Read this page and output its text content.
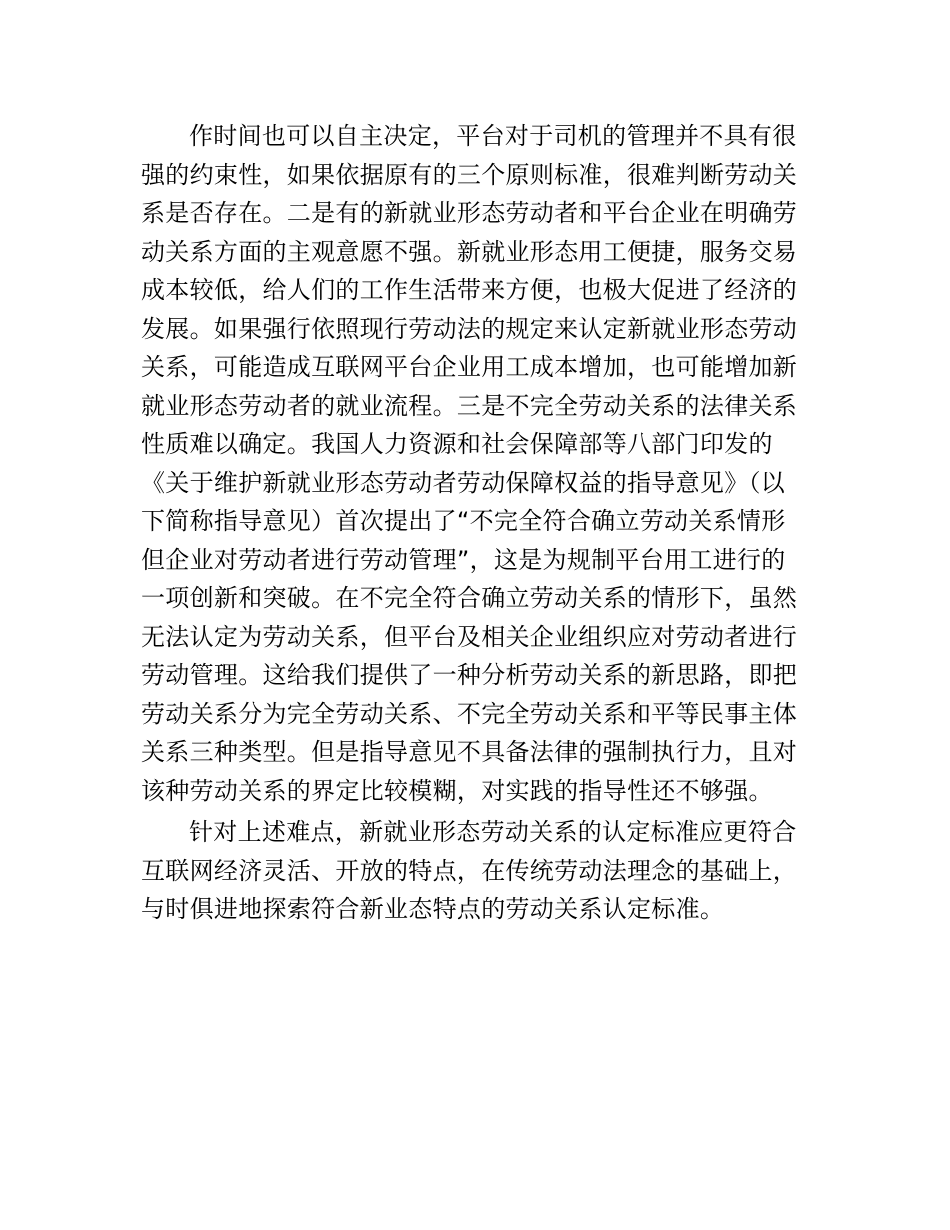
作时间也可以自主决定，平台对于司机的管理并不具有很
强的约束性，如果依据原有的三个原则标准，很难判断劳动关
系是否存在。二是有的新就业形态劳动者和平台企业在明确劳
动关系方面的主观意愿不强。新就业形态用工便捷，服务交易
成本较低，给人们的工作生活带来方便，也极大促进了经济的
发展。如果强行依照现行劳动法的规定来认定新就业形态劳动
关系，可能造成互联网平台企业用工成本增加，也可能增加新
就业形态劳动者的就业流程。三是不完全劳动关系的法律关系
性质难以确定。我国人力资源和社会保障部等八部门印发的
《关于维护新就业形态劳动者劳动保障权益的指导意见》（以
下简称指导意见）首次提出了“不完全符合确立劳动关系情形
但企业对劳动者进行劳动管理”，这是为规制平台用工进行的
一项创新和突破。在不完全符合确立劳动关系的情形下，虽然
无法认定为劳动关系，但平台及相关企业组织应对劳动者进行
劳动管理。这给我们提供了一种分析劳动关系的新思路，即把
劳动关系分为完全劳动关系、不完全劳动关系和平等民事主体
关系三种类型。但是指导意见不具备法律的强制执行力，且对
该种劳动关系的界定比较模糊，对实践的指导性还不够强。

针对上述难点，新就业形态劳动关系的认定标准应更符合
互联网经济灵活、开放的特点，在传统劳动法理念的基础上，
与时俱进地探索符合新业态特点的劳动关系认定标准。
